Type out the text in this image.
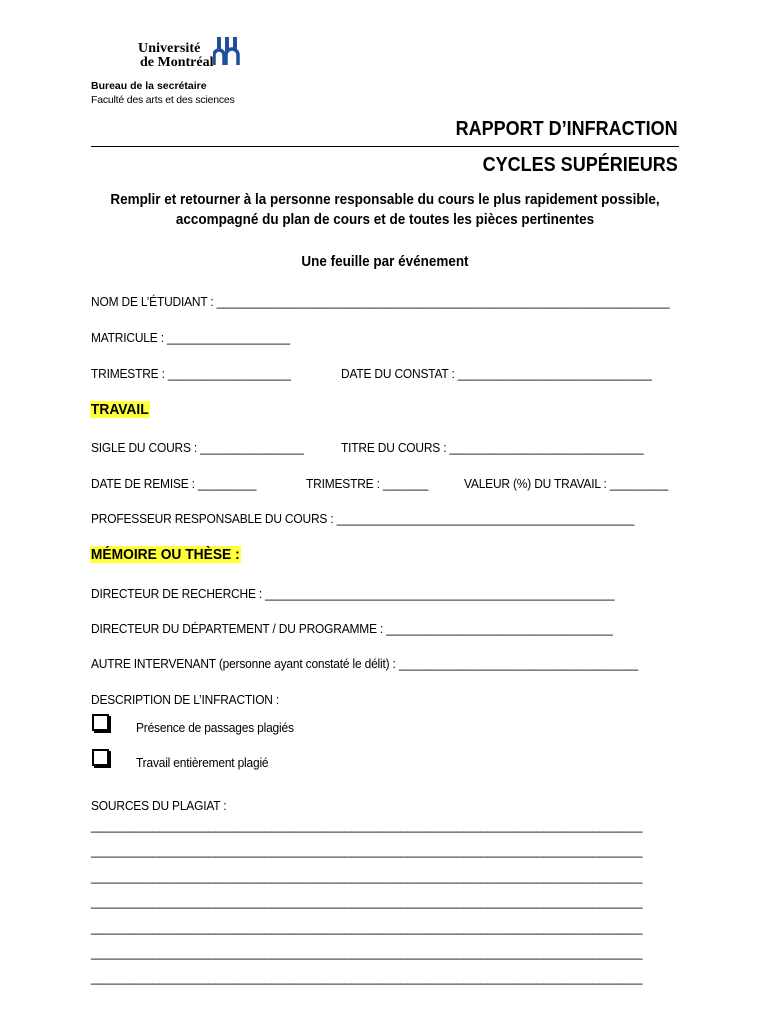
Université
de Montréal
Bureau de la secrétaire
Faculté des arts et des sciences
RAPPORT D’INFRACTION
CYCLES SUPÉRIEURS
Remplir et retourner à la personne responsable du cours le plus rapidement possible,
accompagné du plan de cours et de toutes les pièces pertinentes
Une feuille par événement
NOM DE L’ÉTUDIANT : ______________________________________________________________________
MATRICULE : ___________________
TRIMESTRE : ___________________	DATE DU CONSTAT : ______________________________
TRAVAIL
SIGLE DU COURS : ________________	TITRE DU COURS : ______________________________
DATE DE REMISE : _________	TRIMESTRE : _______	VALEUR (%) DU TRAVAIL : _________
PROFESSEUR RESPONSABLE DU COURS : ______________________________________________
MÉMOIRE OU THÈSE :
DIRECTEUR DE RECHERCHE : ______________________________________________________
DIRECTEUR DU DÉPARTEMENT / DU PROGRAMME : ___________________________________
AUTRE INTERVENANT (personne ayant constaté le délit) : _____________________________________
DESCRIPTION DE L’INFRACTION :
Présence de passages plagiés
Travail entièrement plagié
SOURCES DU PLAGIAT :
_________________________________________________________________________________________
_________________________________________________________________________________________
_________________________________________________________________________________________
_________________________________________________________________________________________
_________________________________________________________________________________________
_________________________________________________________________________________________
_________________________________________________________________________________________
